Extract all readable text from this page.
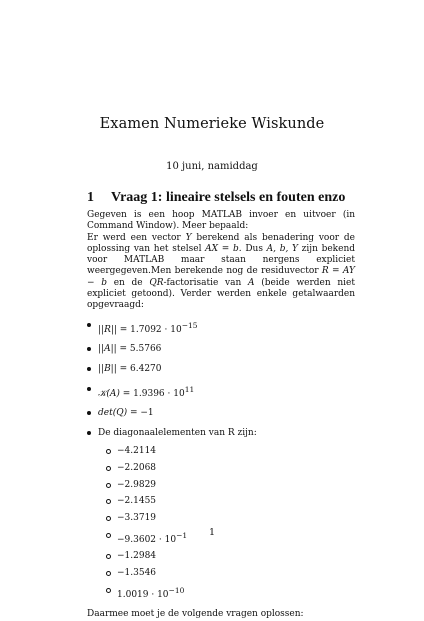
Examen Numerieke Wiskunde
10 juni, namiddag
1 Vraag 1: lineaire stelsels en fouten enzo

Gegeven is een hoop MATLAB invoer en uitvoer (in Command Window). Meer bepaald:

Er werd een vector Y berekend als benadering voor de oplossing van het stelsel AX = b. Dus A, b, Y zijn bekend voor MATLAB maar staan nergens expliciet weergegeven.Men berekende nog de residuvector R = AY − b en de QR-factorisatie van A (beide werden niet expliciet getoond). Verder werden enkele getalwaarden opgevraagd:

$||R|| = 1.7092 \cdot 10^{-15}$
||A|| = 5.5766
||B|| = 6.4270
𝒦(A) = $1.9396 \cdot 10^{11}$
det(Q) = −1
De diagonaalelementen van R zijn:
−4.2114
−2.2068
−2.9829
−2.1455
−3.3719
$-9.3602 \cdot 10^{-1}$
−1.2984
−1.3546
$1.0019 \cdot 10^{-10}$

Daarmee moet je de volgende vragen oplossen:

1
